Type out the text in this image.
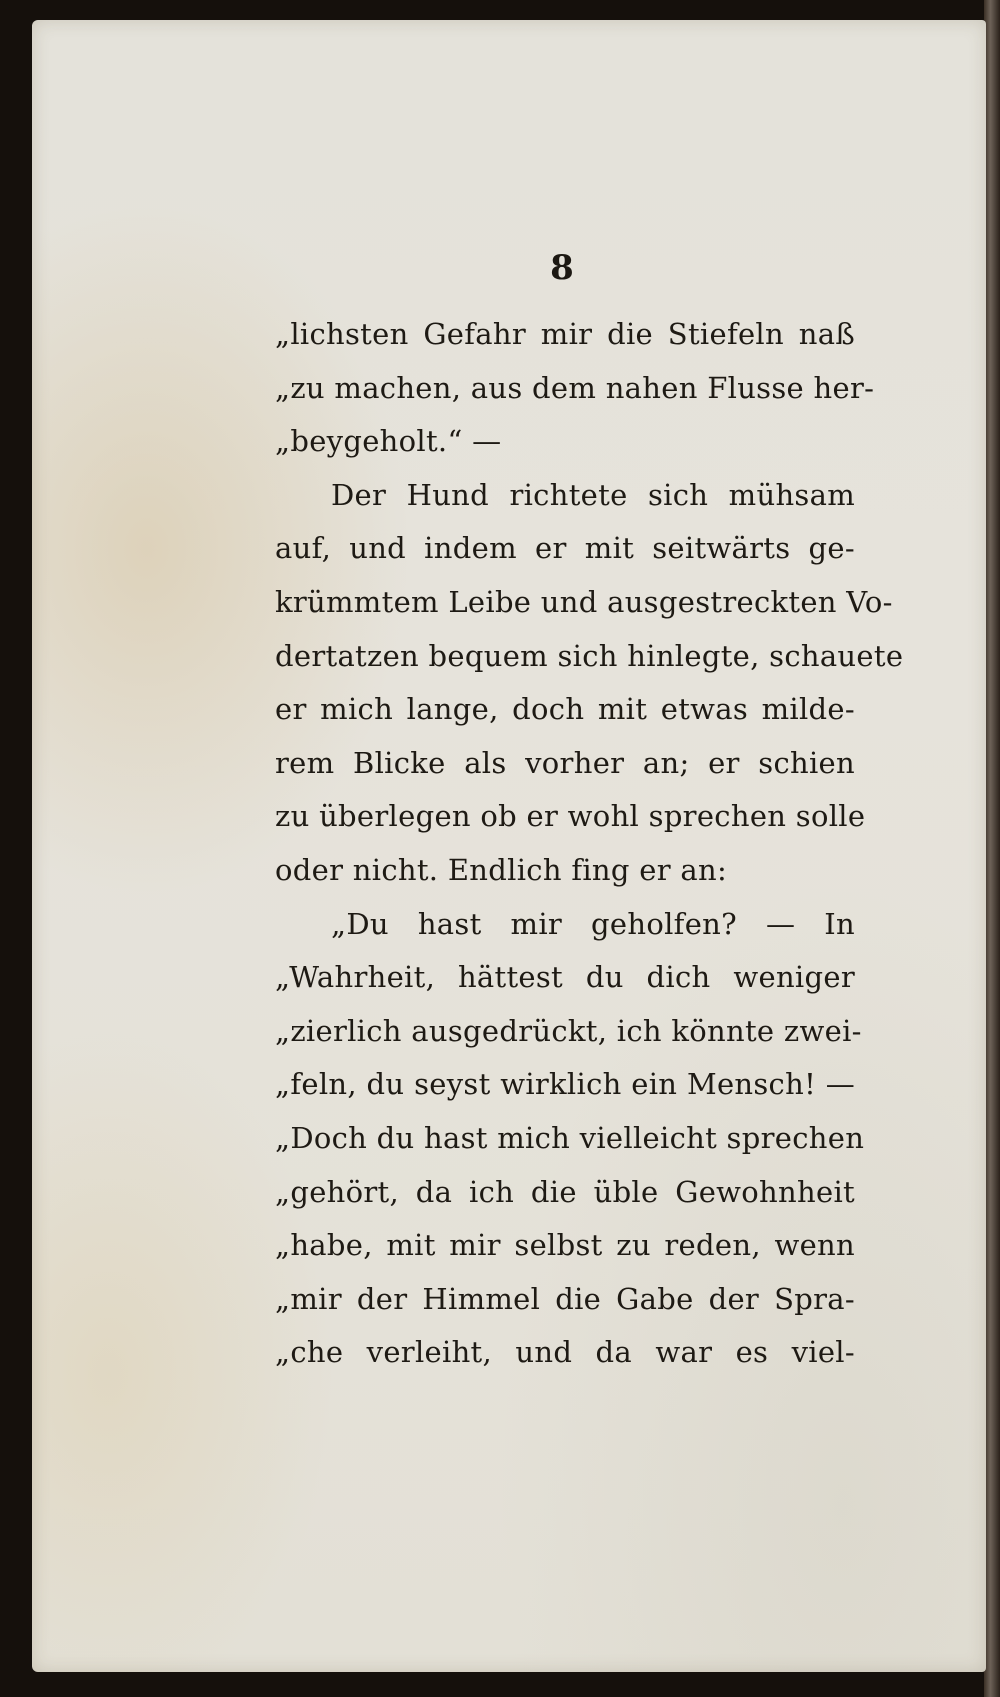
8
„lichsten Gefahr mir die Stiefeln naß
„zu machen, aus dem nahen Flusse her-
„beygeholt.“ —
Der Hund richtete sich mühsam
auf, und indem er mit seitwärts ge-
krümmtem Leibe und ausgestreckten Vo-
dertatzen bequem sich hinlegte, schauete
er mich lange, doch mit etwas milde-
rem Blicke als vorher an; er schien
zu überlegen ob er wohl sprechen solle
oder nicht. Endlich fing er an:
„Du hast mir geholfen? — In
„Wahrheit, hättest du dich weniger
„zierlich ausgedrückt, ich könnte zwei-
„feln, du seyst wirklich ein Mensch! —
„Doch du hast mich vielleicht sprechen
„gehört, da ich die üble Gewohnheit
„habe, mit mir selbst zu reden, wenn
„mir der Himmel die Gabe der Spra-
„che verleiht, und da war es viel-
